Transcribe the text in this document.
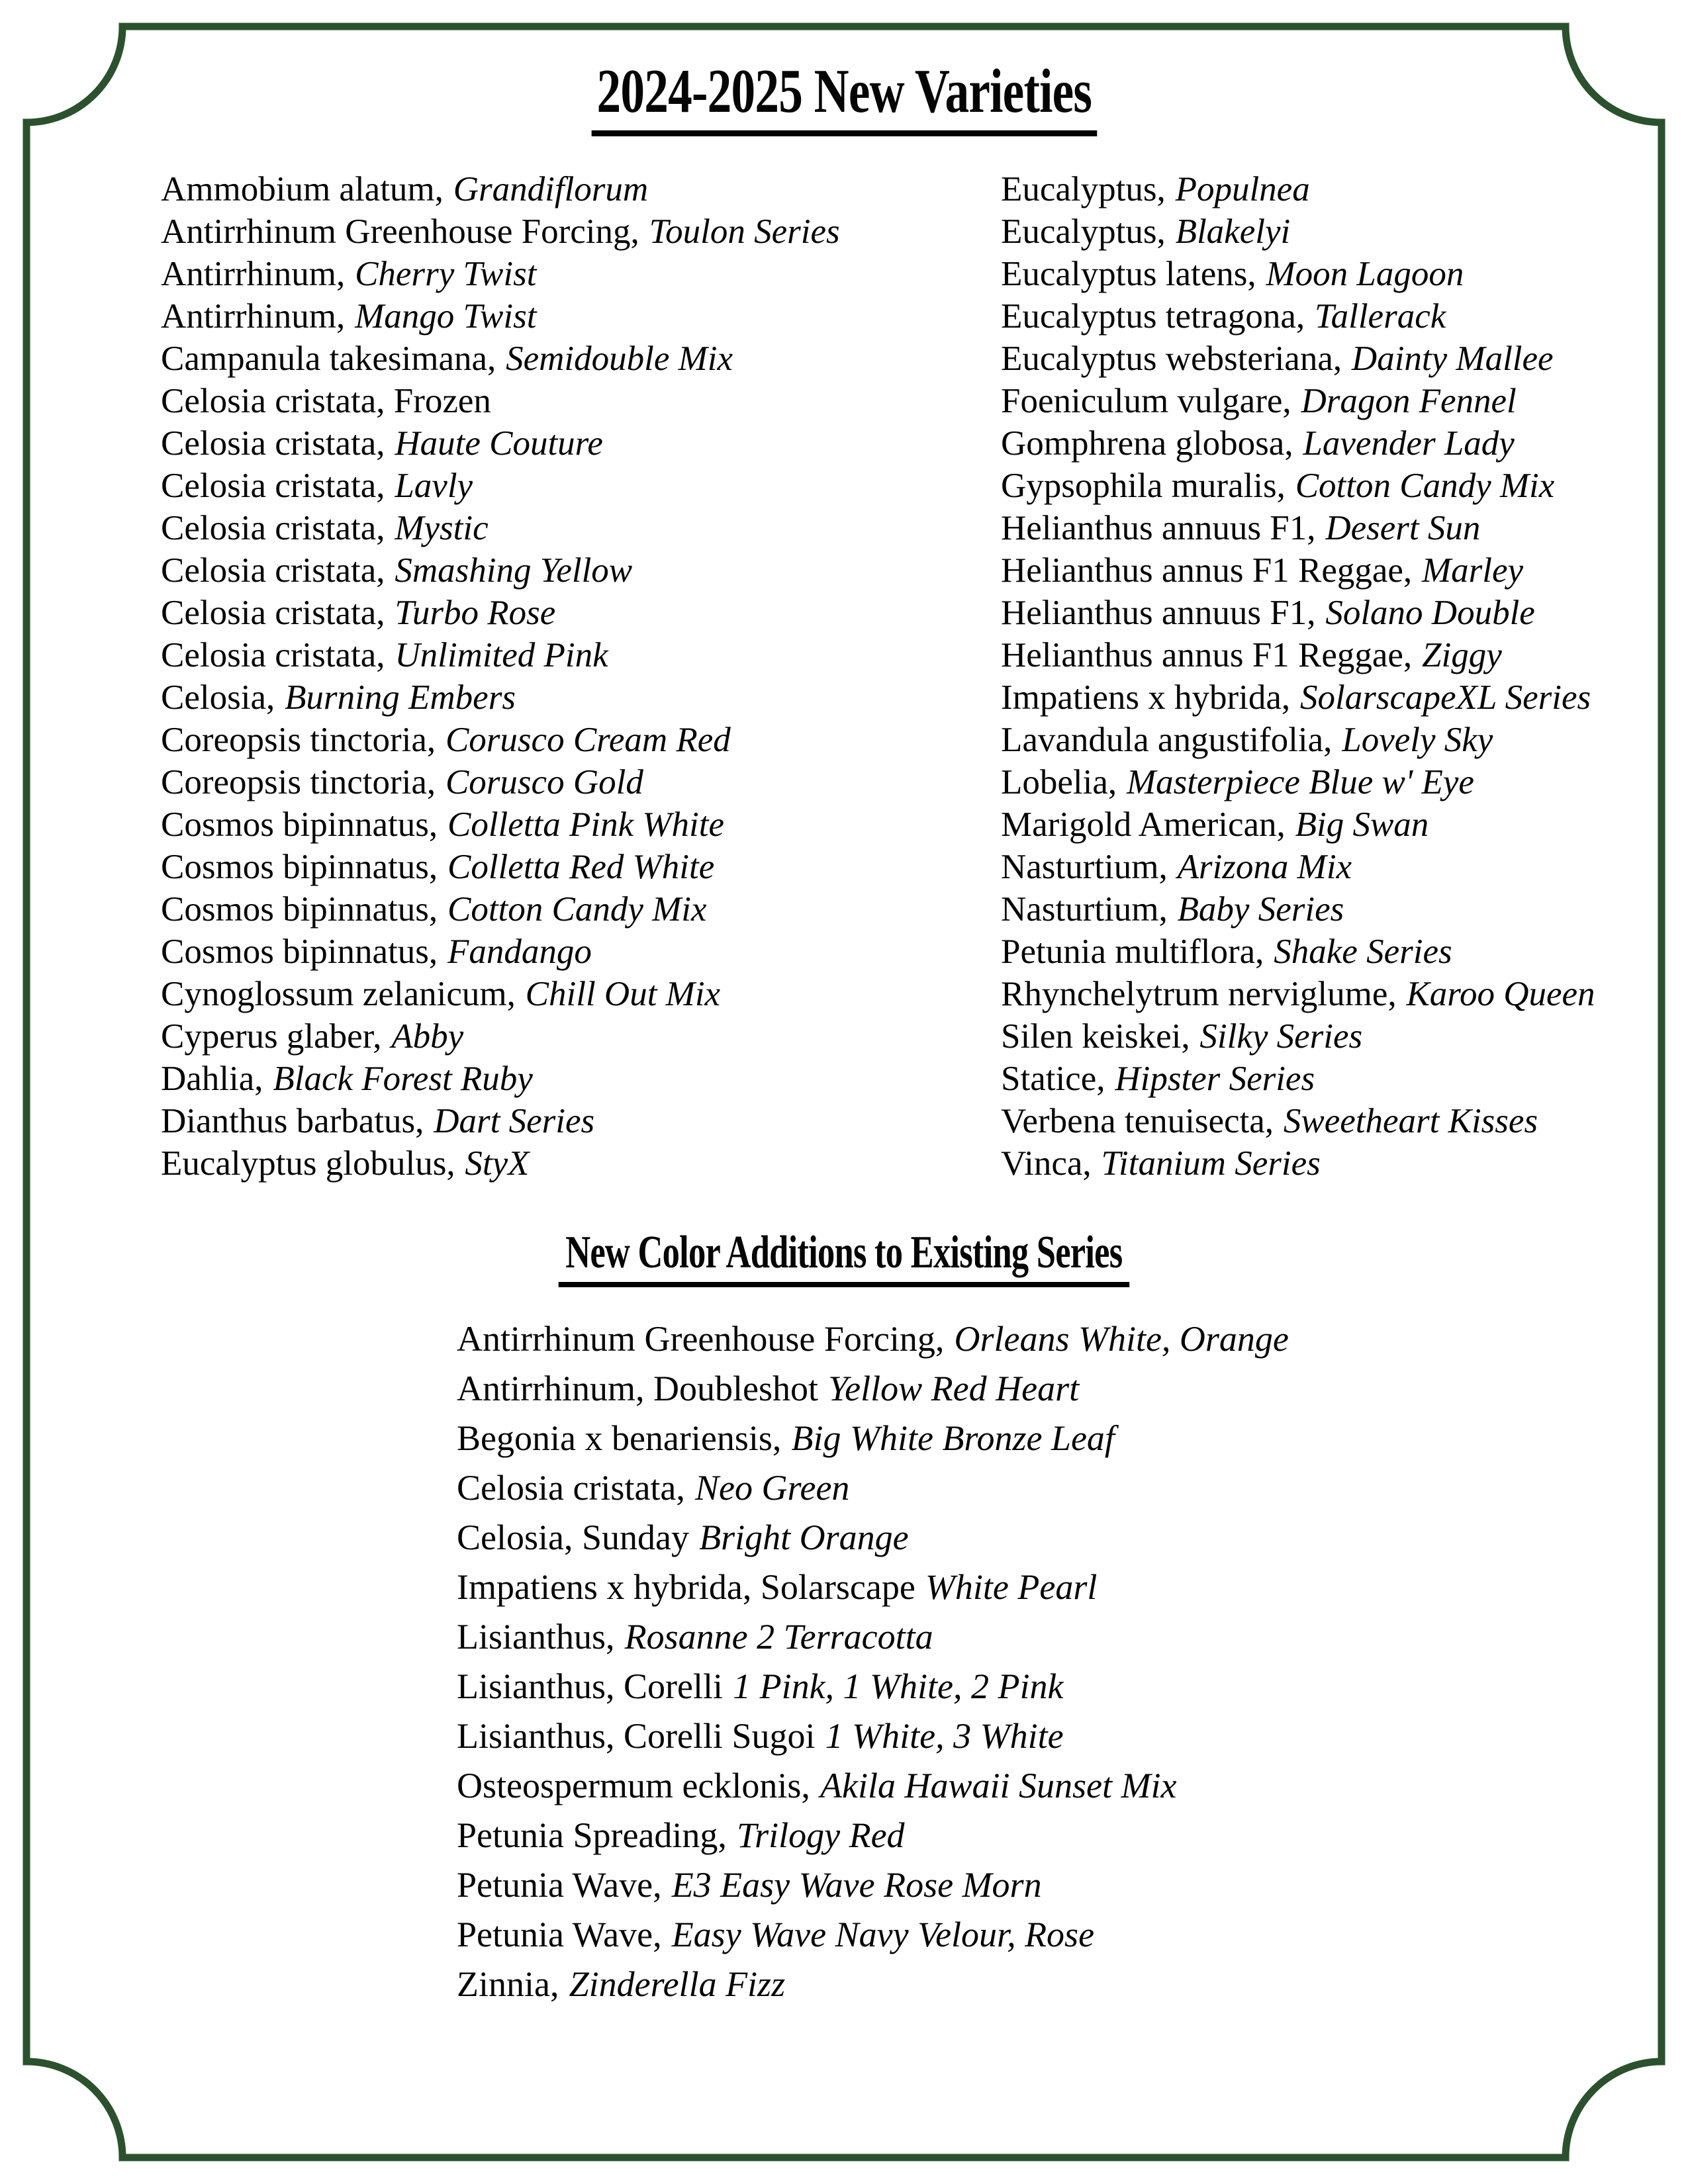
2024-2025 New Varieties
Ammobium alatum, Grandiflorum
Antirrhinum Greenhouse Forcing, Toulon Series
Antirrhinum, Cherry Twist
Antirrhinum, Mango Twist
Campanula takesimana, Semidouble Mix
Celosia cristata, Frozen
Celosia cristata, Haute Couture
Celosia cristata, Lavly
Celosia cristata, Mystic
Celosia cristata, Smashing Yellow
Celosia cristata, Turbo Rose
Celosia cristata, Unlimited Pink
Celosia, Burning Embers
Coreopsis tinctoria, Corusco Cream Red
Coreopsis tinctoria, Corusco Gold
Cosmos bipinnatus, Colletta Pink White
Cosmos bipinnatus, Colletta Red White
Cosmos bipinnatus, Cotton Candy Mix
Cosmos bipinnatus, Fandango
Cynoglossum zelanicum, Chill Out Mix
Cyperus glaber, Abby
Dahlia, Black Forest Ruby
Dianthus barbatus, Dart Series
Eucalyptus globulus, StyX
Eucalyptus, Populnea
Eucalyptus, Blakelyi
Eucalyptus latens, Moon Lagoon
Eucalyptus tetragona, Tallerack
Eucalyptus websteriana, Dainty Mallee
Foeniculum vulgare, Dragon Fennel
Gomphrena globosa, Lavender Lady
Gypsophila muralis, Cotton Candy Mix
Helianthus annuus F1, Desert Sun
Helianthus annus F1 Reggae, Marley
Helianthus annuus F1, Solano Double
Helianthus annus F1 Reggae, Ziggy
Impatiens x hybrida, SolarscapeXL Series
Lavandula angustifolia, Lovely Sky
Lobelia, Masterpiece Blue w' Eye
Marigold American, Big Swan
Nasturtium, Arizona Mix
Nasturtium, Baby Series
Petunia multiflora, Shake Series
Rhynchelytrum nerviglume, Karoo Queen
Silen keiskei, Silky Series
Statice, Hipster Series
Verbena tenuisecta, Sweetheart Kisses
Vinca, Titanium Series
New Color Additions to Existing Series
Antirrhinum Greenhouse Forcing, Orleans White, Orange
Antirrhinum, Doubleshot Yellow Red Heart
Begonia x benariensis, Big White Bronze Leaf
Celosia cristata, Neo Green
Celosia, Sunday Bright Orange
Impatiens x hybrida, Solarscape White Pearl
Lisianthus, Rosanne 2 Terracotta
Lisianthus, Corelli 1 Pink, 1 White, 2 Pink
Lisianthus, Corelli Sugoi 1 White, 3 White
Osteospermum ecklonis, Akila Hawaii Sunset Mix
Petunia Spreading, Trilogy Red
Petunia Wave, E3 Easy Wave Rose Morn
Petunia Wave, Easy Wave Navy Velour, Rose
Zinnia, Zinderella Fizz
